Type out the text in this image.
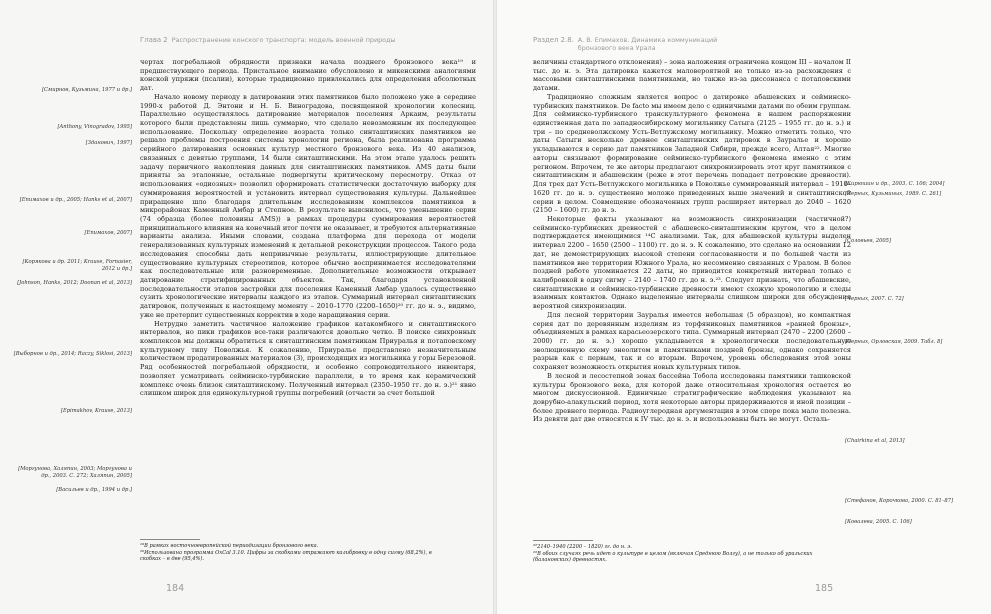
Глава 2 Распространение конского транспорта: модель военной природы

чертах погребальной обрядности признаки начала позднего бронзового века¹⁹ и предшествующего периода. Пристальное внимание обусловлено и микенскими аналогиями конской упряжи (псалии), которые традиционно привлекались для определения абсолютных дат.

Начало новому периоду в датировании этих памятников было положено уже в середине 1990-х работой Д. Энтони и Н. Б. Виноградова, посвященной хронологии колесниц. Параллельно осуществлялось датирование материалов поселения Аркаим, результаты которого были представлены лишь суммарно, что сделало невозможным их последующее использование. Поскольку определение возраста только синташтинских памятников не решало проблемы построения системы хронологии региона, была реализована программа серийного датирования основных культур местного бронзового века. Из 40 анализов, связанных с девятью группами, 14 были синташтинскими. На этом этапе удалось решить задачу первичного накопления данных для синташтинских памятников. AMS даты были приняты за эталонные, остальные подвергнуты критическому пересмотру. Отказ от использования «одиозных» позволил сформировать статистически достаточную выборку для суммирования вероятностей и установить интервал существования культуры. Дальнейшее приращение шло благодаря длительным исследованиям комплексов памятников в микрорайонах Каменный Амбар и Степное. В результате выяснилось, что уменьшение серии (74 образца (более половины AMS)) в рамках процедуры суммирования вероятностей принципиального влияния на конечный итог почти не оказывает, и требуются альтернативные варианты анализа. Иными словами, создана платформа для перехода от модели генерализованных культурных изменений к детальной реконструкции процессов. Такого рода исследования способны дать непривычные результаты, иллюстрирующие длительное существование культурных стереотипов, которое обычно воспринимается исследователями как последовательные или разновременные. Дополнительные возможности открывает датирование стратифицированных объектов. Так, благодаря установленной последовательности этапов застройки для поселения Каменный Амбар удалось существенно сузить хронологические интервалы каждого из этапов. Суммарный интервал синташтинских датировок, полученных к настоящему моменту – 2010–1770 (2200–1650)²⁰ гг. до н. э., видимо, уже не претерпит существенных корректив в ходе наращивания серии.

Нетрудно заметить частичное наложение графиков катакомбного и синташтинского интервалов, но пики графиков все-таки различаются довольно четко. В поиске синхронных комплексов мы должны обратиться к синташтинским памятникам Приуралья и потаповскому культурному типу Поволжья. К сожалению, Приуралье представлено незначительным количеством продатированных материалов (3), происходящих из могильника у горы Березовой. Ряд особенностей погребальной обрядности, и особенно сопроводительного инвентаря, позволяет усматривать сейминско-турбинские параллели, в то время как керамический комплекс очень близок синташтинскому. Полученный интервал (2350–1950 гг. до н. э.)²¹ явно слишком широк для единокультурной группы погребений (отчасти за счет большой

[Смирнов, Кузьмина, 1977 и др.]
[Anthony, Vinogradov, 1995]
[Зданович, 1997]
[Епимахов и др., 2005; Hanks et al, 2007]
[Епимахов, 2007]
[Корякова и др. 2011; Krause, Fornasier, 2012 и др.]
[Johnson, Hanks, 2012; Doonan et al, 2013]
[Выборнов и др., 2014; Raczy, Siklosi, 2013]
[Epimakhov, Krause, 2013]
[Моргунова, Халяпин, 2003; Моргунова и др., 2003. С. 272; Халяпин, 2005]
[Васильев и др., 1994 и др.]
¹⁹В рамках восточноевропейской периодизации бронзового века.
²⁰Использована программа OxCal 3.10. Цифры за скобками отражают калибровку в одну сигму (68,2%), в скобках – в две (95,4%).
184
Раздел 2.8. А. В. Епимахов. Динамика коммуникаций бронзового века Урала

величины стандартного отклонения) – зона наложения ограничена концом III – началом II тыс. до н. э. Эта датировка кажется маловероятной не только из-за расхождения с массовыми синташтинскими памятниками, но также из-за диссонанса с потаповскими датами.

Традиционно сложным является вопрос о датировке абашевских и сейминско-турбинских памятников. De facto мы имеем дело с единичными датами по обеим группам. Для сейминско-турбинского транскультурного феномена в нашем распоряжении единственная дата по западносибирскому могильнику Сатыга (2125 – 1955 гг. до н. э.) и три – по средневолжскому Усть-Ветлужскому могильнику. Можно отметить только, что даты Сатыги несколько древнее синташтинских датировок в Зауралье и хорошо укладываются в серию дат памятников Западной Сибири, прежде всего, Алтая²². Многие авторы связывают формирование сейминско-турбинского феномена именно с этим регионом. Впрочем, те же авторы предлагают синхронизировать этот круг памятников с синташтинским и абашевским (реже в этот перечень попадает петровские древности). Для трех дат Усть-Ветлужского могильника в Поволжье суммированный интервал – 1910–1620 гг. до н. э. существенно моложе приведенных выше значений и синташтинской серии в целом. Совмещение обозначенных групп расширяет интервал до 2040 – 1620 (2150 – 1600) гг. до н. э.

Некоторые факты указывают на возможность синхронизации (частичной?) сейминско-турбинских древностей с абашевско-синташтинским кругом, что в целом подтверждается имеющимися ¹⁴С анализами. Так, для абашевской культуры выделен интервал 2200 – 1650 (2500 – 1100) гг. до н. э. К сожалению, это сделано на основании 12 дат, не демонстрирующих высокой степени согласованности и по большей части из памятников вне территории Южного Урала, но несомненно связанных с Уралом. В более поздней работе упоминается 22 даты, но приводится конкретный интервал только с калибровкой в одну сигму – 2140 – 1740 гг. до н. э.²³. Следует признать, что абашевские, синташтинские и сейминско-турбинские древности имеют схожую хронологию и следы взаимных контактов. Однако выделенные интервалы слишком широки для обсуждения вероятной синхронизации.

Для лесной территории Зауралья имеется небольшая (5 образцов), но компактная серия дат по деревянным изделиям из торфяниковых памятников «ранней бронзы», объединяемых в рамках карасьеозерского типа. Суммарный интервал (2470 – 2200 (2600 – 2000) гг. до н. э.) хорошо укладывается в хронологически последовательную эволюционную схему энеолитом и памятниками поздней бронзы, однако сохраняется разрыв как с первым, так и со вторым. Впрочем, уровень обследования этой зоны сохраняет возможность открытия новых культурных типов.

В лесной и лесостепной зонах бассейна Тобола исследованы памятники ташковской культуры бронзового века, для которой даже относительная хронология остается во многом дискуссионной. Единичные стратиграфические наблюдения указывают на доврубно-алакульский период, хотя некоторые авторы придерживаются и иной позиции – более древнего периода. Радиоуглеродная аргументация в этом споре пока мало полезна. Из девяти дат две относятся к IV тыс. до н. э. и использованы быть не могут. Осталь-

[Кирюшин и др., 2003. С. 106; 2004]
[Черных, Кузьминых, 1989. С. 261]
[Соловьев, 2005]
[Черных, 2007. С. 72]
[Черных, Орловская, 2009. Табл. 8]
[Chairkina et al, 2013]
[Стефанов, Корочкова, 2000. С. 81–87]
[Ковалева, 2005. С. 106]
²²2140–1940 (2200 – 1820) гг. до н. э.
²³В обоих случаях речь идет о культуре в целом (включая Среднюю Волгу), а не только об уральских (балановских) древностях.
185
